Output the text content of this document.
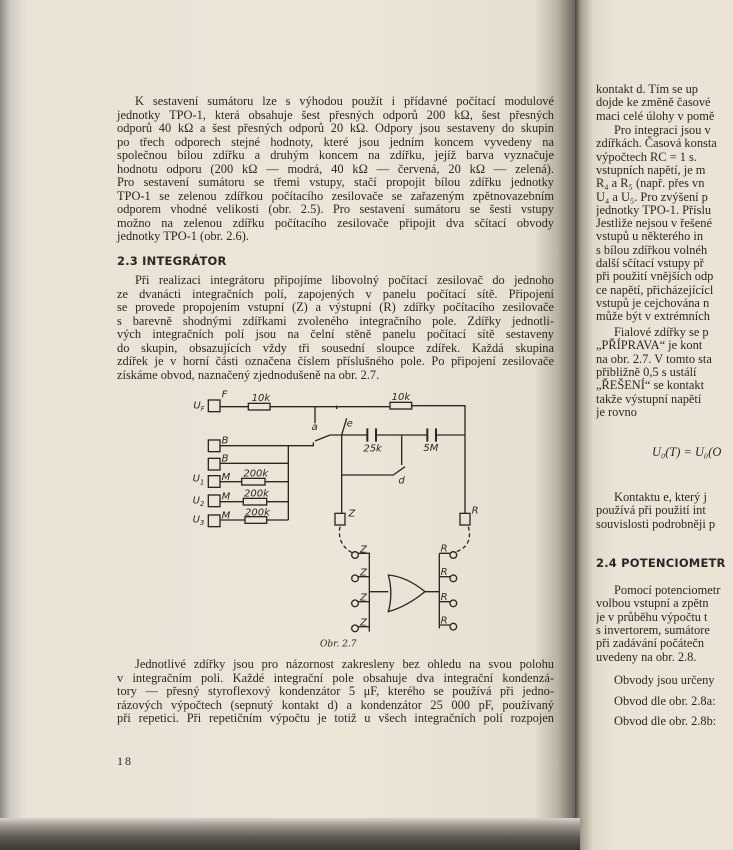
K sestavení sumátoru lze s výhodou použít i přídavné počítací modulové
jednotky TPO-1, která obsahuje šest přesných odporů 200 kΩ, šest přesných
odporů 40 kΩ a šest přesných odporů 20 kΩ. Odpory jsou sestaveny do skupin
po třech odporech stejné hodnoty, které jsou jedním koncem vyvedeny na
společnou bílou zdířku a druhým koncem na zdířku, jejíž barva vyznačuje
hodnotu odporu (200 kΩ — modrá, 40 kΩ — červená, 20 kΩ — zelená).
Pro sestavení sumátoru se třemi vstupy, stačí propojit bílou zdířku jednotky
TPO-1 se zelenou zdířkou počítacího zesilovače se zařazeným zpětnovazebním
odporem vhodné velikosti (obr. 2.5). Pro sestavení sumátoru se šesti vstupy
možno na zelenou zdířku počítacího zesilovače připojit dva sčítací obvody
jednotky TPO-1 (obr. 2.6).
Při realizaci integrátoru připojíme libovolný počítací zesilovač do jednoho
ze dvanácti integračních polí, zapojených v panelu počítací sítě. Připojení
se provede propojením vstupní (Z) a výstupní (R) zdířky počítacího zesilovače
s barevně shodnými zdířkami zvoleného integračního pole. Zdířky jednotli-
vých integračních polí jsou na čelní stěně panelu počítací sítě sestaveny
do skupin, obsazujících vždy tři sousední sloupce zdířek. Každá skupina
zdířek je v horní části označena číslem příslušného pole. Po připojení zesilovače
získáme obvod, naznačený zjednodušeně na obr. 2.7.
Jednotlivé zdířky jsou pro názornost zakresleny bez ohledu na svou polohu
v integračním poli. Každé integrační pole obsahuje dva integrační kondenzá-
tory — přesný styroflexový kondenzátor 5 μF, kterého se používá při jedno-
rázových výpočtech (sepnutý kontakt d) a kondenzátor 25 000 pF, používaný
při repetici. Při repetičním výpočtu je totiž u všech integračních polí rozpojen
2.3 INTEGRÁTOR
$U_F$
F 10k	10k
a e
d
25k 5M
B
B
M
M
M
$U_1$
$U_2$
$U_3$
200k
200k
200k	Z	R
Z
Z
Z
Z
R
R
R
R
Obr. 2.7
18
2.4 POTENCIOMETR
kontakt d. Tím se up
dojde ke změně časové
maci celé úlohy v pomě
Pro integraci jsou v
zdířkách. Časová konsta
výpočtech RC = 1 s.
vstupních napětí, je m
R₄ a R₅ (např. přes vn
U₄ a U₅. Pro zvýšení p
jednotky TPO-1. Příslu
Jestliže nejsou v řešené
vstupů u některého in
s bílou zdířkou volnéh
další sčítací vstupy př
při použití vnějších odp
ce napětí, přicházejícícl
vstupů je cejchována n
může být v extrémních
Fialové zdířky se p
„PŘÍPRAVA“ je kont
na obr. 2.7. V tomto sta
přibližně 0,5 s ustálí
„ŘEŠENÍ“ se kontakt
takže výstupní napětí
je rovno
Kontaktu e, který j
používá při použití int
souvislosti podrobněji p
Pomocí potenciometr
volbou vstupní a zpětn
je v průběhu výpočtu t
s invertorem, sumátore
při zadávání počátečn
uvedeny na obr. 2.8.
Obvody jsou určeny
Obvod dle obr. 2.8a:
Obvod dle obr. 2.8b:
U₀(T) = U₀(O
